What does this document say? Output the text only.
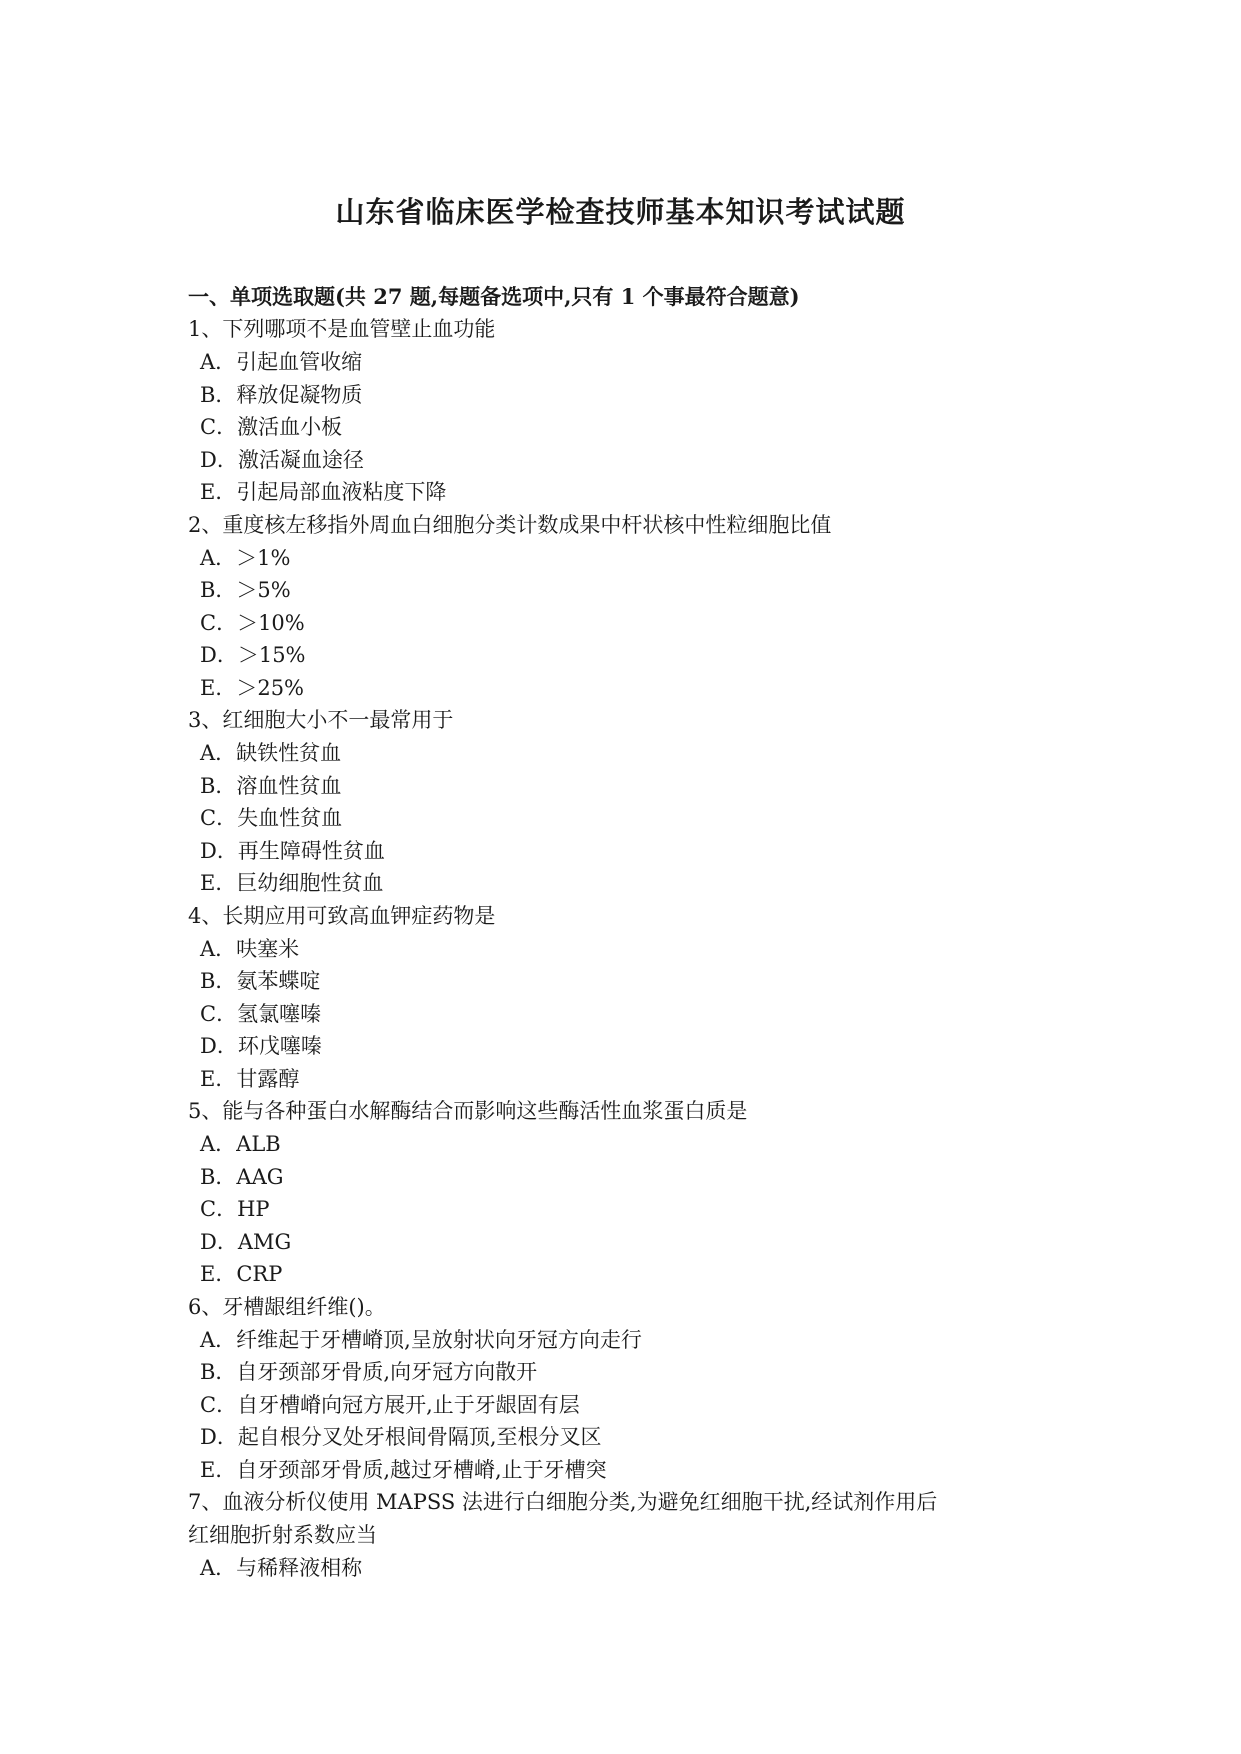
山东省临床医学检查技师基本知识考试试题
一、单项选取题(共 27 题,每题备选项中,只有 1 个事最符合题意)
1、下列哪项不是血管壁止血功能
A．引起血管收缩
B．释放促凝物质
C．激活血小板
D．激活凝血途径
E．引起局部血液粘度下降
2、重度核左移指外周血白细胞分类计数成果中杆状核中性粒细胞比值
A．＞1%
B．＞5%
C．＞10%
D．＞15%
E．＞25%
3、红细胞大小不一最常用于
A．缺铁性贫血
B．溶血性贫血
C．失血性贫血
D．再生障碍性贫血
E．巨幼细胞性贫血
4、长期应用可致高血钾症药物是
A．呋塞米
B．氨苯蝶啶
C．氢氯噻嗪
D．环戊噻嗪
E．甘露醇
5、能与各种蛋白水解酶结合而影响这些酶活性血浆蛋白质是
A．ALB
B．AAG
C．HP
D．AMG
E．CRP
6、牙槽龈组纤维()。
A．纤维起于牙槽嵴顶,呈放射状向牙冠方向走行
B．自牙颈部牙骨质,向牙冠方向散开
C．自牙槽嵴向冠方展开,止于牙龈固有层
D．起自根分叉处牙根间骨隔顶,至根分叉区
E．自牙颈部牙骨质,越过牙槽嵴,止于牙槽突
7、血液分析仪使用 MAPSS 法进行白细胞分类,为避免红细胞干扰,经试剂作用后
红细胞折射系数应当
A．与稀释液相称
